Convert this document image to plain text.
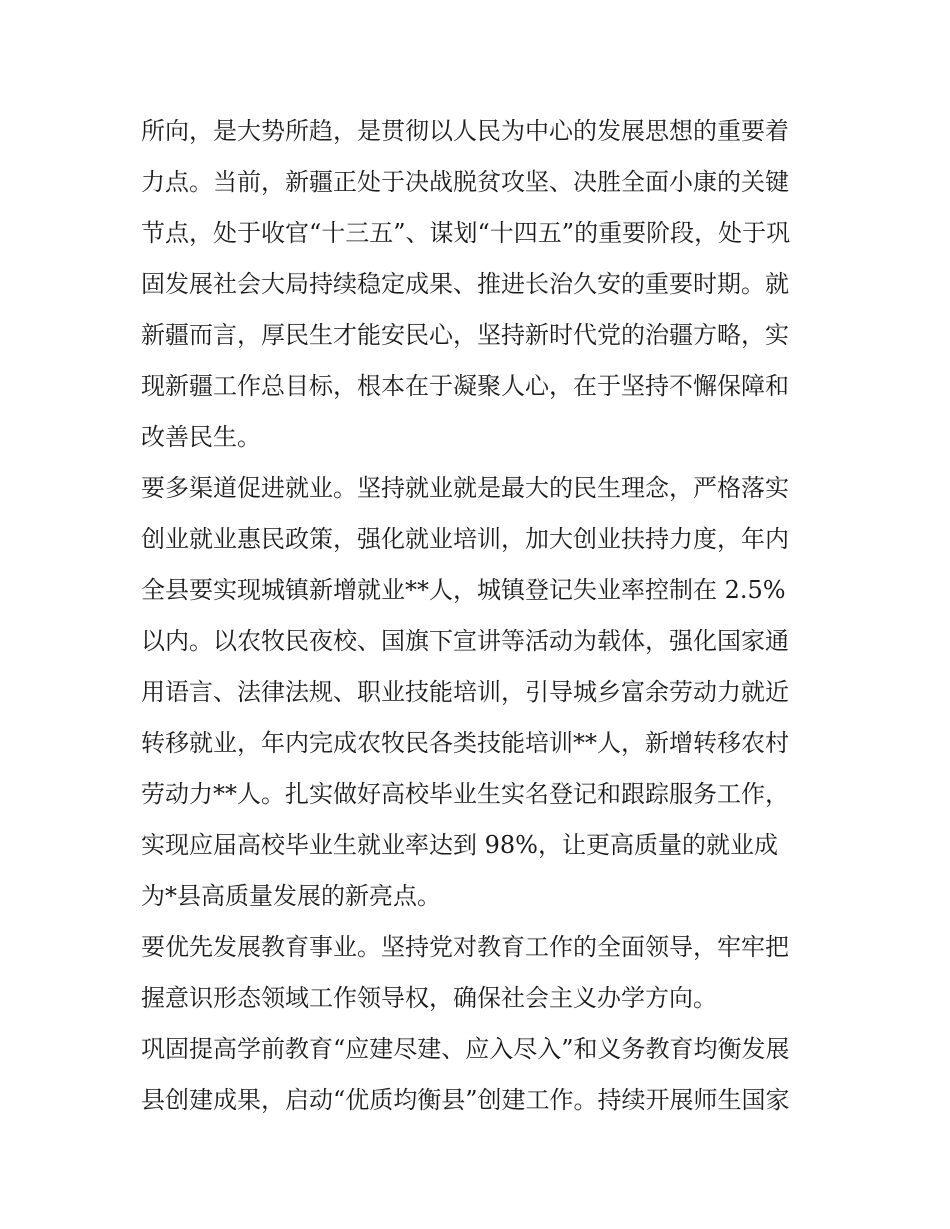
所向，是大势所趋，是贯彻以人民为中心的发展思想的重要着
力点。当前，新疆正处于决战脱贫攻坚、决胜全面小康的关键
节点，处于收官“十三五”、谋划“十四五”的重要阶段，处于巩
固发展社会大局持续稳定成果、推进长治久安的重要时期。就
新疆而言，厚民生才能安民心，坚持新时代党的治疆方略，实
现新疆工作总目标，根本在于凝聚人心，在于坚持不懈保障和
改善民生。
要多渠道促进就业。坚持就业就是最大的民生理念，严格落实
创业就业惠民政策，强化就业培训，加大创业扶持力度，年内
全县要实现城镇新增就业**人，城镇登记失业率控制在 2.5%
以内。以农牧民夜校、国旗下宣讲等活动为载体，强化国家通
用语言、法律法规、职业技能培训，引导城乡富余劳动力就近
转移就业，年内完成农牧民各类技能培训**人，新增转移农村
劳动力**人。扎实做好高校毕业生实名登记和跟踪服务工作，
实现应届高校毕业生就业率达到 98%，让更高质量的就业成
为*县高质量发展的新亮点。
要优先发展教育事业。坚持党对教育工作的全面领导，牢牢把
握意识形态领域工作领导权，确保社会主义办学方向。
巩固提高学前教育“应建尽建、应入尽入”和义务教育均衡发展
县创建成果，启动“优质均衡县”创建工作。持续开展师生国家
